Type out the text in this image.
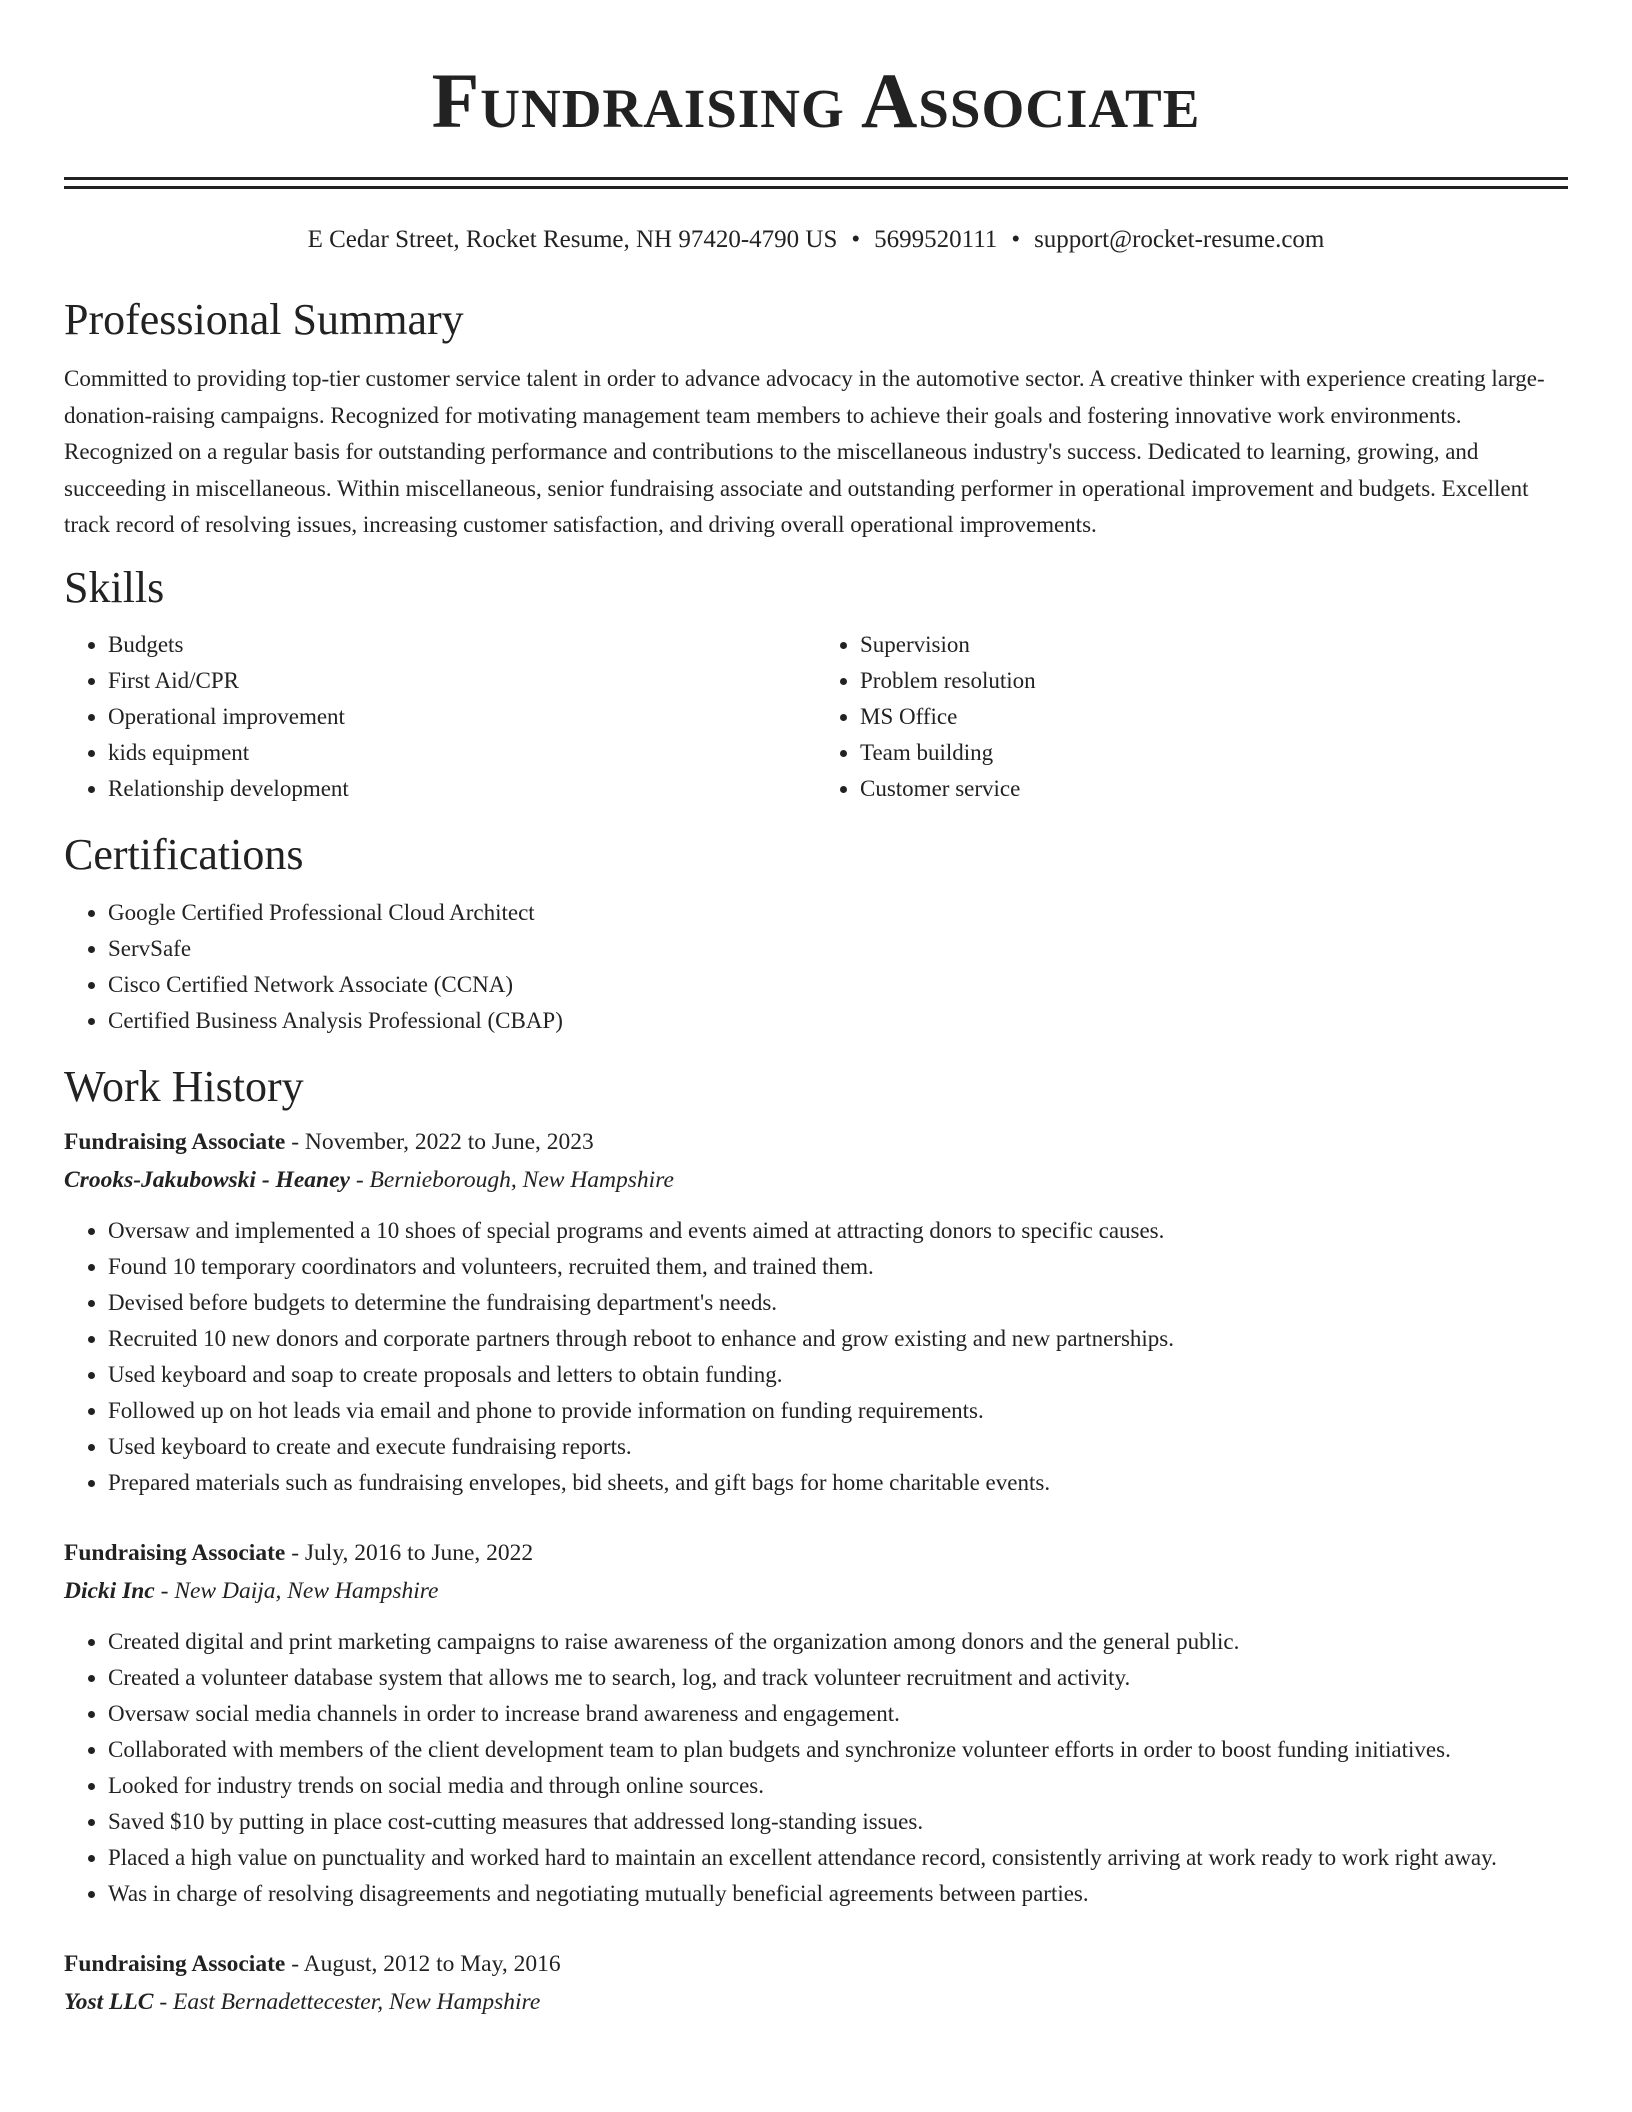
Fundraising Associate
E Cedar Street, Rocket Resume, NH 97420-4790 US • 5699520111 • support@rocket-resume.com
Professional Summary

Committed to providing top-tier customer service talent in order to advance advocacy in the automotive sector. A creative thinker with experience creating large-donation-raising campaigns. Recognized for motivating management team members to achieve their goals and fostering innovative work environments. Recognized on a regular basis for outstanding performance and contributions to the miscellaneous industry's success. Dedicated to learning, growing, and succeeding in miscellaneous. Within miscellaneous, senior fundraising associate and outstanding performer in operational improvement and budgets. Excellent track record of resolving issues, increasing customer satisfaction, and driving overall operational improvements.

Skills
• Budgets
• First Aid/CPR
• Operational improvement
• kids equipment
• Relationship development
• Supervision
• Problem resolution
• MS Office
• Team building
• Customer service
Certifications
• Google Certified Professional Cloud Architect
• ServSafe
• Cisco Certified Network Associate (CCNA)
• Certified Business Analysis Professional (CBAP)
Work History

Fundraising Associate - November, 2022 to June, 2023

Crooks-Jakubowski - Heaney - Bernieborough, New Hampshire

• Oversaw and implemented a 10 shoes of special programs and events aimed at attracting donors to specific causes.
• Found 10 temporary coordinators and volunteers, recruited them, and trained them.
• Devised before budgets to determine the fundraising department's needs.
• Recruited 10 new donors and corporate partners through reboot to enhance and grow existing and new partnerships.
• Used keyboard and soap to create proposals and letters to obtain funding.
• Followed up on hot leads via email and phone to provide information on funding requirements.
• Used keyboard to create and execute fundraising reports.
• Prepared materials such as fundraising envelopes, bid sheets, and gift bags for home charitable events.

Fundraising Associate - July, 2016 to June, 2022

Dicki Inc - New Daija, New Hampshire

• Created digital and print marketing campaigns to raise awareness of the organization among donors and the general public.
• Created a volunteer database system that allows me to search, log, and track volunteer recruitment and activity.
• Oversaw social media channels in order to increase brand awareness and engagement.
• Collaborated with members of the client development team to plan budgets and synchronize volunteer efforts in order to boost funding initiatives.
• Looked for industry trends on social media and through online sources.
• Saved $10 by putting in place cost-cutting measures that addressed long-standing issues.
• Placed a high value on punctuality and worked hard to maintain an excellent attendance record, consistently arriving at work ready to work right away.
• Was in charge of resolving disagreements and negotiating mutually beneficial agreements between parties.

Fundraising Associate - August, 2012 to May, 2016

Yost LLC - East Bernadettecester, New Hampshire
